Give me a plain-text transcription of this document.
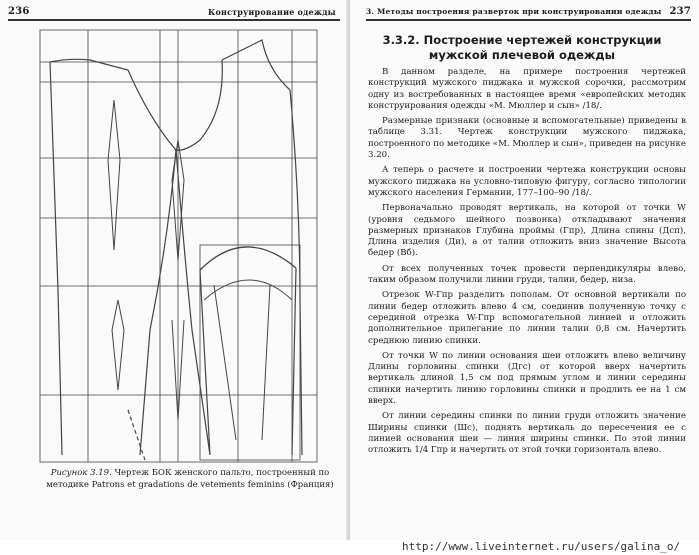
236	Конструирование одежды
Рисунок 3.19. Чертеж БОК женского пальто, построенный по методике Patrons et gradations de vetements feminins (Франция)
3. Методы построения разверток при конструировании одежды 237
3.3.2. Построение чертежей конструкции мужской плечевой одежды

В данном разделе, на примере построения чертежей конструкций мужского пиджака и мужской сорочки, рассмотрим одну из востребованных в настоящее время «европейских методик конструирования одежды «М. Мюллер и сын» /18/.

Размерные признаки (основные и вспомогательные) приведены в таблице 3.31. Чертеж конструкции мужского пиджака, построенного по методике «М. Мюллер и сын», приведен на рисунке 3.20.

А теперь о расчете и построении чертежа конструкции основы мужского пиджака на условно-типовую фигуру, согласно типологии мужского населения Германии, 177–100–90 /18/.

Первоначально проводят вертикаль, на которой от точки W (уровня седьмого шейного позвонка) откладывают значения размерных признаков Глубина проймы (Гпр), Длина спины (Дсп), Длина изделия (Ди), а от талии отложить вниз значение Высота бедер (Вб).

От всех полученных точек провести перпендикуляры влево, таким образом получили линии груди, талии, бедер, низа.

Отрезок W-Гпр разделить пополам. От основной вертикали по линии бедер отложить влево 4 см, соединив полученную точку с серединой отрезка W-Гпр вспомогательной линией и отложить дополнительное прилегание по линии талии 0,8 см. Начертить среднюю линию спинки.

От точки W по линии основания шеи отложить влево величину Длины горловины спинки (Дгс) от которой вверх начертить вертикаль длиной 1,5 см под прямым углом и линии середины спинки начертить линию горловины спинки и продлить ее на 1 см вверх.

От линии середины спинки по линии груди отложить значение Ширины спинки (Шс), поднять вертикаль до пересечения ее с линией основания шеи — линия ширины спинки. По этой линии отложить 1/4 Гпр и начертить от этой точки горизонталь влево.

http://www.liveinternet.ru/users/galina_o/
